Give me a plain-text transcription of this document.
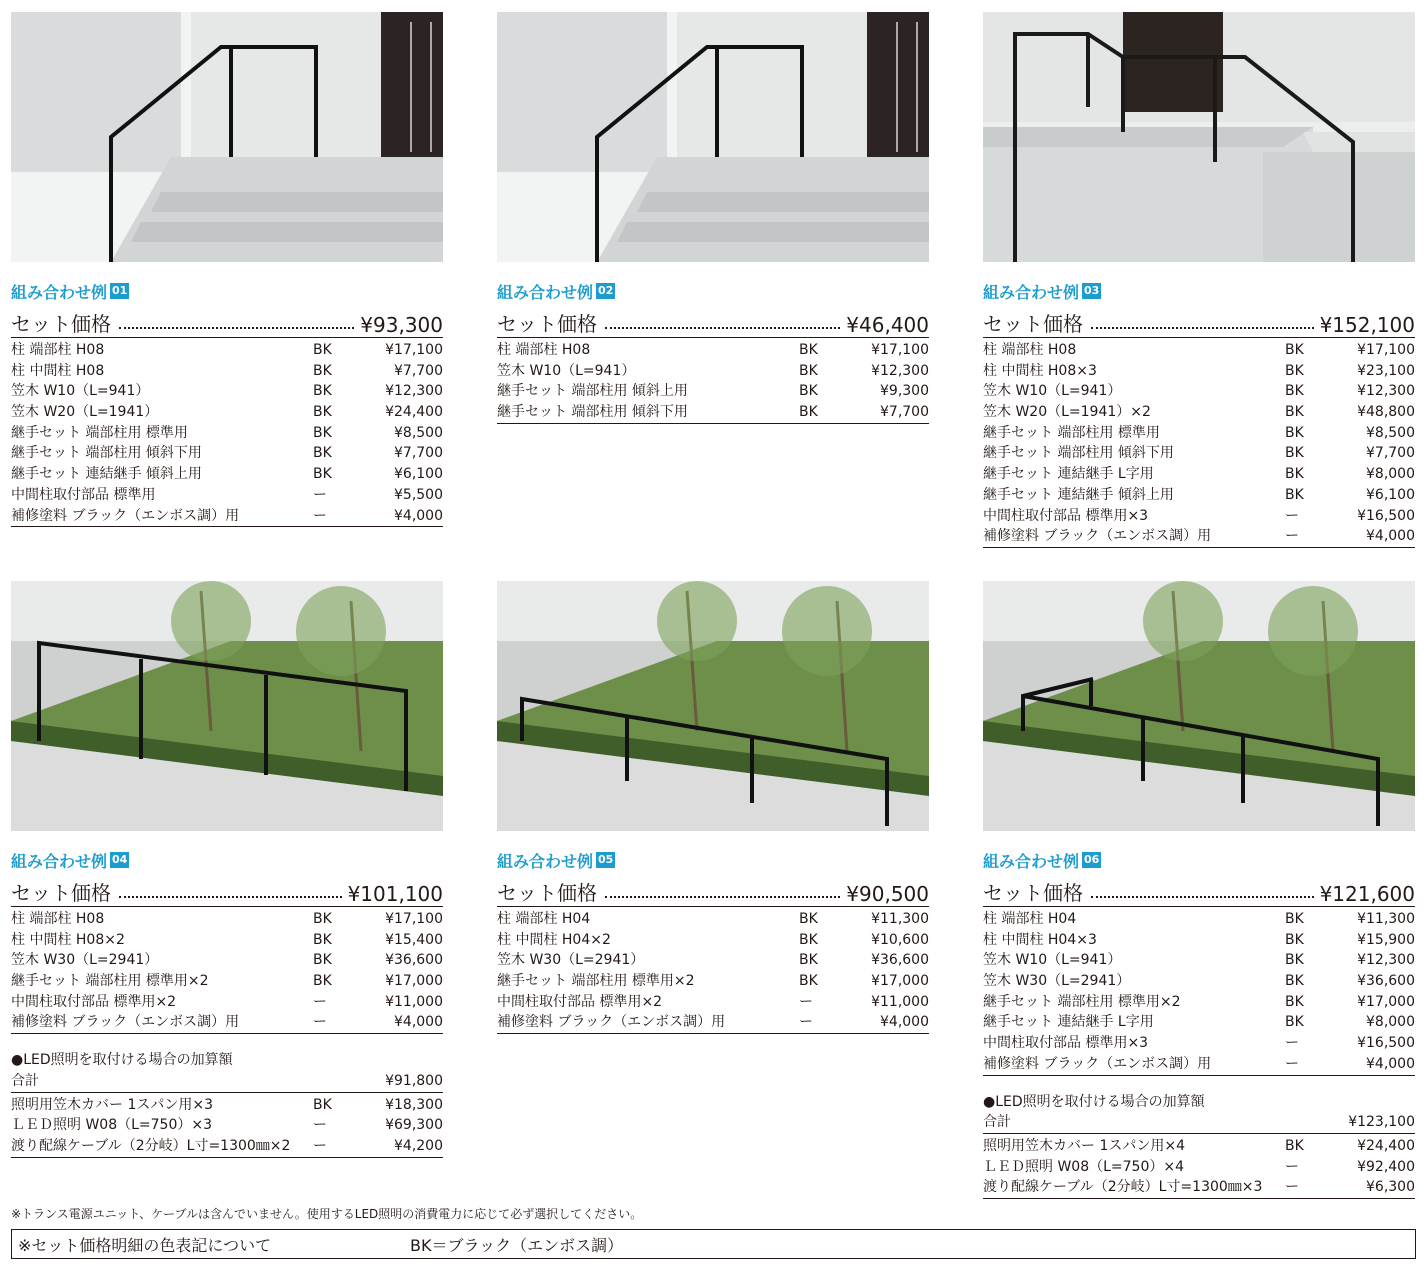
組み合わせ例 01
セット価格	¥93,300
柱 端部柱 H08	BK	¥17,100
柱 中間柱 H08	BK	¥7,700
笠木 W10（L=941）	BK	¥12,300
笠木 W20（L=1941）	BK	¥24,400
継手セット 端部柱用 標準用	BK	¥8,500
継手セット 端部柱用 傾斜下用	BK	¥7,700
継手セット 連結継手 傾斜上用	BK	¥6,100
中間柱取付部品 標準用	ー	¥5,500
補修塗料 ブラック（エンボス調）用	ー	¥4,000
組み合わせ例 02
セット価格	¥46,400
柱 端部柱 H08	BK	¥17,100
笠木 W10（L=941）	BK	¥12,300
継手セット 端部柱用 傾斜上用	BK	¥9,300
継手セット 端部柱用 傾斜下用	BK	¥7,700
組み合わせ例 03
セット価格	¥152,100
柱 端部柱 H08	BK	¥17,100
柱 中間柱 H08×3	BK	¥23,100
笠木 W10（L=941）	BK	¥12,300
笠木 W20（L=1941）×2	BK	¥48,800
継手セット 端部柱用 標準用	BK	¥8,500
継手セット 端部柱用 傾斜下用	BK	¥7,700
継手セット 連結継手 L字用	BK	¥8,000
継手セット 連結継手 傾斜上用	BK	¥6,100
中間柱取付部品 標準用×3	ー	¥16,500
補修塗料 ブラック（エンボス調）用	ー	¥4,000
組み合わせ例 04
セット価格	¥101,100
柱 端部柱 H08	BK	¥17,100
柱 中間柱 H08×2	BK	¥15,400
笠木 W30（L=2941）	BK	¥36,600
継手セット 端部柱用 標準用×2	BK	¥17,000
中間柱取付部品 標準用×2	ー	¥11,000
補修塗料 ブラック（エンボス調）用	ー	¥4,000
●LED照明を取付ける場合の加算額
合計	¥91,800
照明用笠木カバー 1スパン用×3	BK	¥18,300
ＬＥＤ照明 W08（L=750）×3	ー	¥69,300
渡り配線ケーブル（2分岐）L寸=1300㎜×2	ー	¥4,200
組み合わせ例 05
セット価格	¥90,500
柱 端部柱 H04	BK	¥11,300
柱 中間柱 H04×2	BK	¥10,600
笠木 W30（L=2941）	BK	¥36,600
継手セット 端部柱用 標準用×2	BK	¥17,000
中間柱取付部品 標準用×2	ー	¥11,000
補修塗料 ブラック（エンボス調）用	ー	¥4,000
組み合わせ例 06
セット価格	¥121,600
柱 端部柱 H04	BK	¥11,300
柱 中間柱 H04×3	BK	¥15,900
笠木 W10（L=941）	BK	¥12,300
笠木 W30（L=2941）	BK	¥36,600
継手セット 端部柱用 標準用×2	BK	¥17,000
継手セット 連結継手 L字用	BK	¥8,000
中間柱取付部品 標準用×3	ー	¥16,500
補修塗料 ブラック（エンボス調）用	ー	¥4,000
●LED照明を取付ける場合の加算額
合計	¥123,100
照明用笠木カバー 1スパン用×4	BK	¥24,400
ＬＥＤ照明 W08（L=750）×4	ー	¥92,400
渡り配線ケーブル（2分岐）L寸=1300㎜×3	ー	¥6,300
※トランス電源ユニット、ケーブルは含んでいません。使用するLED照明の消費電力に応じて必ず選択してください。
※セット価格明細の色表記について	BK＝ブラック（エンボス調）
